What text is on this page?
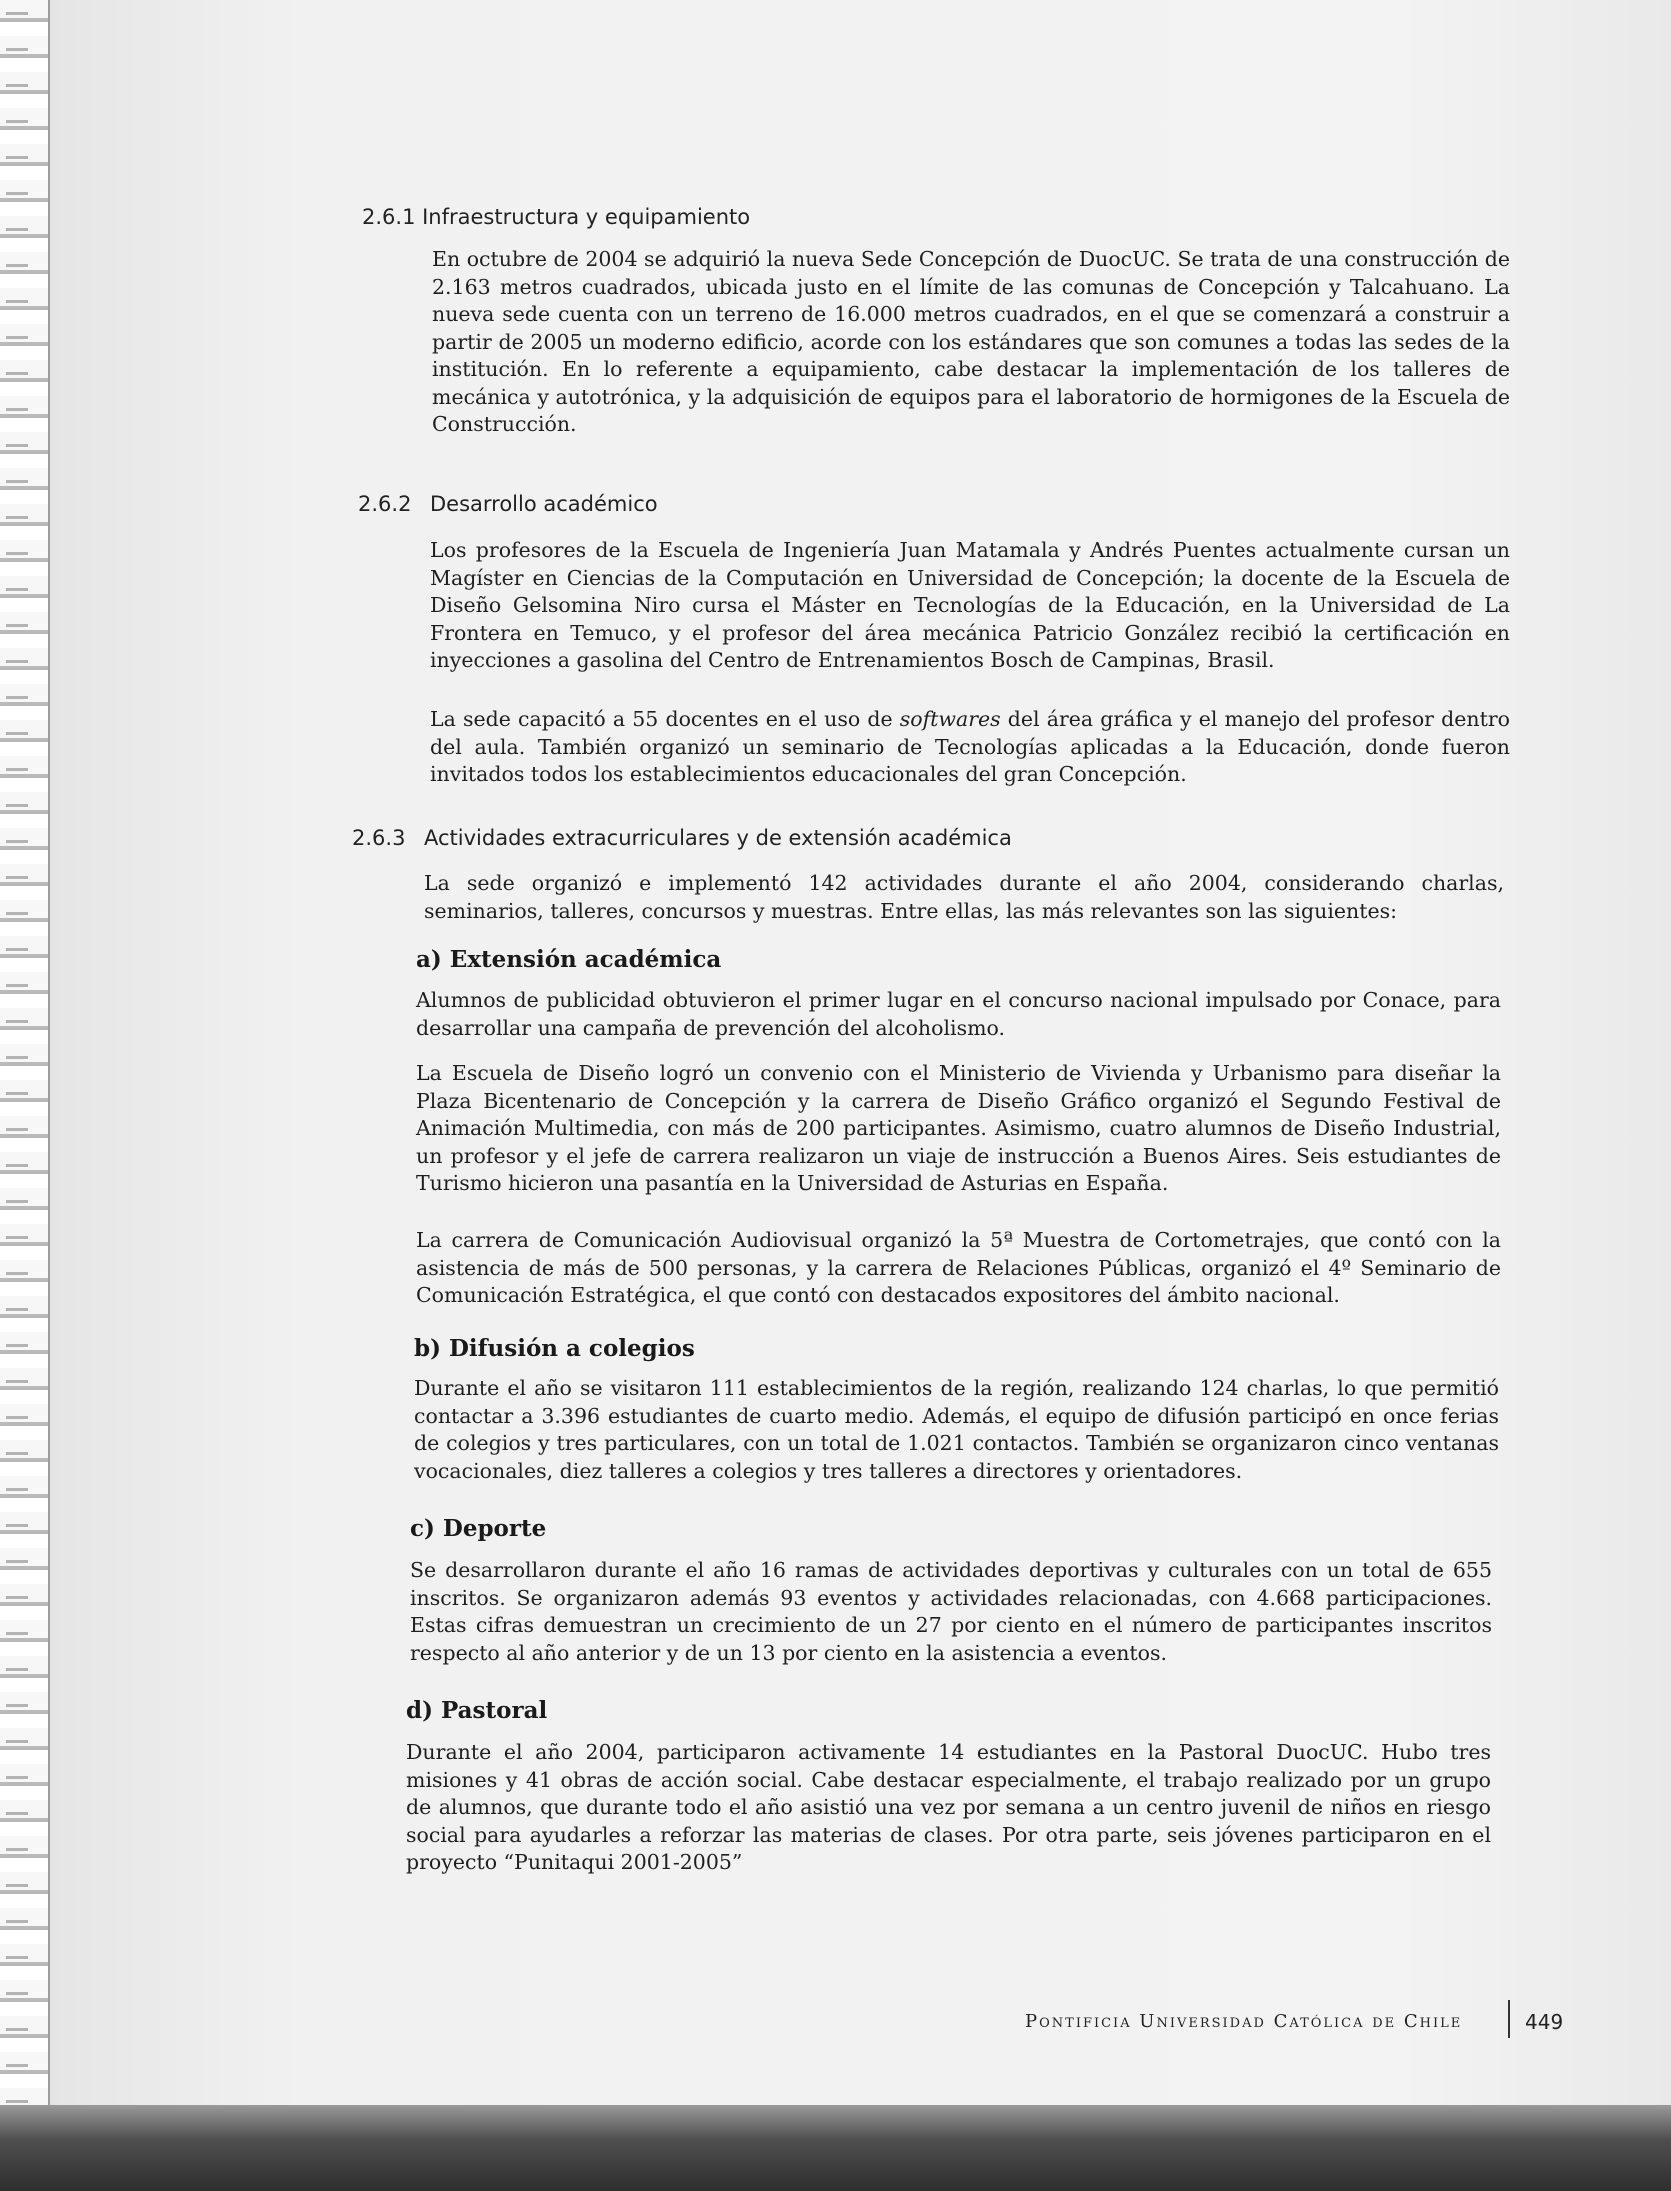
2.6.1 Infraestructura y equipamiento
En octubre de 2004 se adquirió la nueva Sede Concepción de DuocUC. Se trata de una construcción de 2.163 metros cuadrados, ubicada justo en el límite de las comunas de Concepción y Talcahuano. La nueva sede cuenta con un terreno de 16.000 metros cuadrados, en el que se comenzará a construir a partir de 2005 un moderno edificio, acorde con los estándares que son comunes a todas las sedes de la institución. En lo referente a equipamiento, cabe destacar la implementación de los talleres de mecánica y autotrónica, y la adquisición de equipos para el laboratorio de hormigones de la Escuela de Construcción.
2.6.2 Desarrollo académico
Los profesores de la Escuela de Ingeniería Juan Matamala y Andrés Puentes actualmente cursan un Magíster en Ciencias de la Computación en Universidad de Concepción; la docente de la Escuela de Diseño Gelsomina Niro cursa el Máster en Tecnologías de la Educación, en la Universidad de La Frontera en Temuco, y el profesor del área mecánica Patricio González recibió la certificación en inyecciones a gasolina del Centro de Entrenamientos Bosch de Campinas, Brasil.
La sede capacitó a 55 docentes en el uso de softwares del área gráfica y el manejo del profesor dentro del aula. También organizó un seminario de Tecnologías aplicadas a la Educación, donde fueron invitados todos los establecimientos educacionales del gran Concepción.
2.6.3 Actividades extracurriculares y de extensión académica
La sede organizó e implementó 142 actividades durante el año 2004, considerando charlas, seminarios, talleres, concursos y muestras. Entre ellas, las más relevantes son las siguientes:
a) Extensión académica
Alumnos de publicidad obtuvieron el primer lugar en el concurso nacional impulsado por Conace, para desarrollar una campaña de prevención del alcoholismo.
La Escuela de Diseño logró un convenio con el Ministerio de Vivienda y Urbanismo para diseñar la Plaza Bicentenario de Concepción y la carrera de Diseño Gráfico organizó el Segundo Festival de Animación Multimedia, con más de 200 participantes. Asimismo, cuatro alumnos de Diseño Industrial, un profesor y el jefe de carrera realizaron un viaje de instrucción a Buenos Aires. Seis estudiantes de Turismo hicieron una pasantía en la Universidad de Asturias en España.
La carrera de Comunicación Audiovisual organizó la 5ª Muestra de Cortometrajes, que contó con la asistencia de más de 500 personas, y la carrera de Relaciones Públicas, organizó el 4º Seminario de Comunicación Estratégica, el que contó con destacados expositores del ámbito nacional.
b) Difusión a colegios
Durante el año se visitaron 111 establecimientos de la región, realizando 124 charlas, lo que permitió contactar a 3.396 estudiantes de cuarto medio. Además, el equipo de difusión participó en once ferias de colegios y tres particulares, con un total de 1.021 contactos. También se organizaron cinco ventanas vocacionales, diez talleres a colegios y tres talleres a directores y orientadores.
c) Deporte
Se desarrollaron durante el año 16 ramas de actividades deportivas y culturales con un total de 655 inscritos. Se organizaron además 93 eventos y actividades relacionadas, con 4.668 participaciones. Estas cifras demuestran un crecimiento de un 27 por ciento en el número de participantes inscritos respecto al año anterior y de un 13 por ciento en la asistencia a eventos.
d) Pastoral
Durante el año 2004, participaron activamente 14 estudiantes en la Pastoral DuocUC. Hubo tres misiones y 41 obras de acción social. Cabe destacar especialmente, el trabajo realizado por un grupo de alumnos, que durante todo el año asistió una vez por semana a un centro juvenil de niños en riesgo social para ayudarles a reforzar las materias de clases. Por otra parte, seis jóvenes participaron en el proyecto “Punitaqui 2001-2005”
Pontificia Universidad Católica de Chile	449
